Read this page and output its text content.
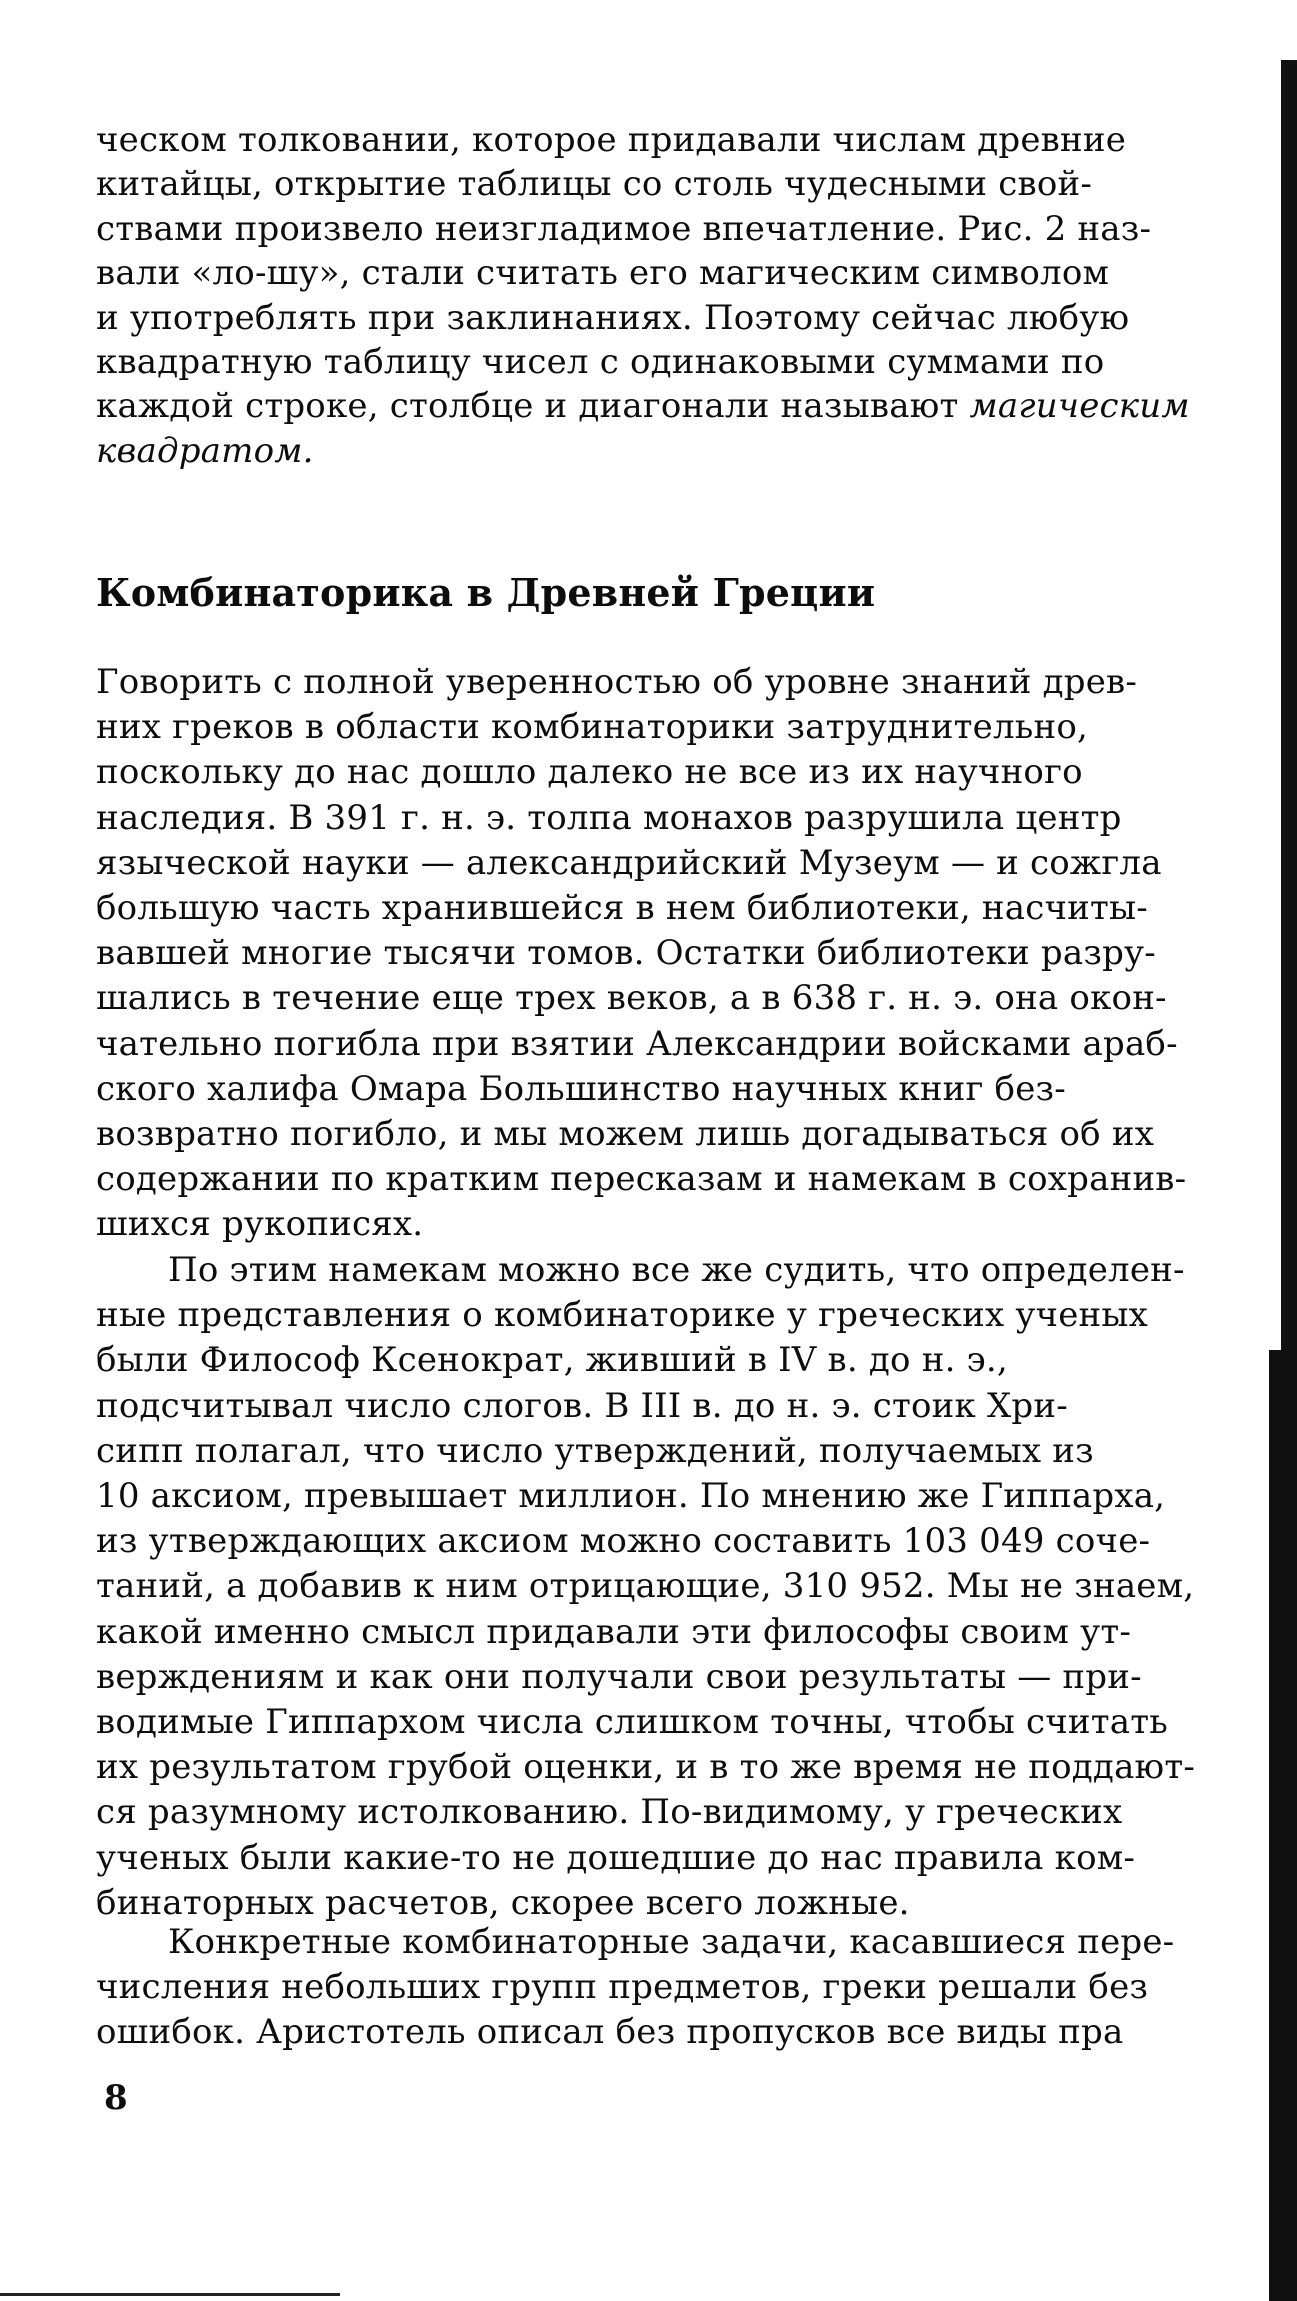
ческом толковании, которое придавали числам древние
китайцы, открытие таблицы со столь чудесными свой-
ствами произвело неизгладимое впечатление. Рис. 2 наз-
вали «ло-шу», стали считать его магическим символом
и употреблять при заклинаниях. Поэтому сейчас любую
квадратную таблицу чисел с одинаковыми суммами по
каждой строке, столбце и диагонали называют магическим
квадратом.
Комбинаторика в Древней Греции
Говорить с полной уверенностью об уровне знаний древ-
них греков в области комбинаторики затруднительно,
поскольку до нас дошло далеко не все из их научного
наследия. В 391 г. н. э. толпа монахов разрушила центр
языческой науки — александрийский Музеум — и сожгла
большую часть хранившейся в нем библиотеки, насчиты-
вавшей многие тысячи томов. Остатки библиотеки разру-
шались в течение еще трех веков, а в 638 г. н. э. она окон-
чательно погибла при взятии Александрии войсками араб-
ского халифа Омара Большинство научных книг без-
возвратно погибло, и мы можем лишь догадываться об их
содержании по кратким пересказам и намекам в сохранив-
шихся рукописях.
По этим намекам можно все же судить, что определен-
ные представления о комбинаторике у греческих ученых
были Философ Ксенократ, живший в IV в. до н. э.,
подсчитывал число слогов. В III в. до н. э. стоик Хри-
сипп полагал, что число утверждений, получаемых из
10 аксиом, превышает миллион. По мнению же Гиппарха,
из утверждающих аксиом можно составить 103 049 соче-
таний, а добавив к ним отрицающие, 310 952. Мы не знаем,
какой именно смысл придавали эти философы своим ут-
верждениям и как они получали свои результаты — при-
водимые Гиппархом числа слишком точны, чтобы считать
их результатом грубой оценки, и в то же время не поддают-
ся разумному истолкованию. По-видимому, у греческих
ученых были какие-то не дошедшие до нас правила ком-
бинаторных расчетов, скорее всего ложные.
Конкретные комбинаторные задачи, касавшиеся пере-
числения небольших групп предметов, греки решали без
ошибок. Аристотель описал без пропусков все виды пра
8
